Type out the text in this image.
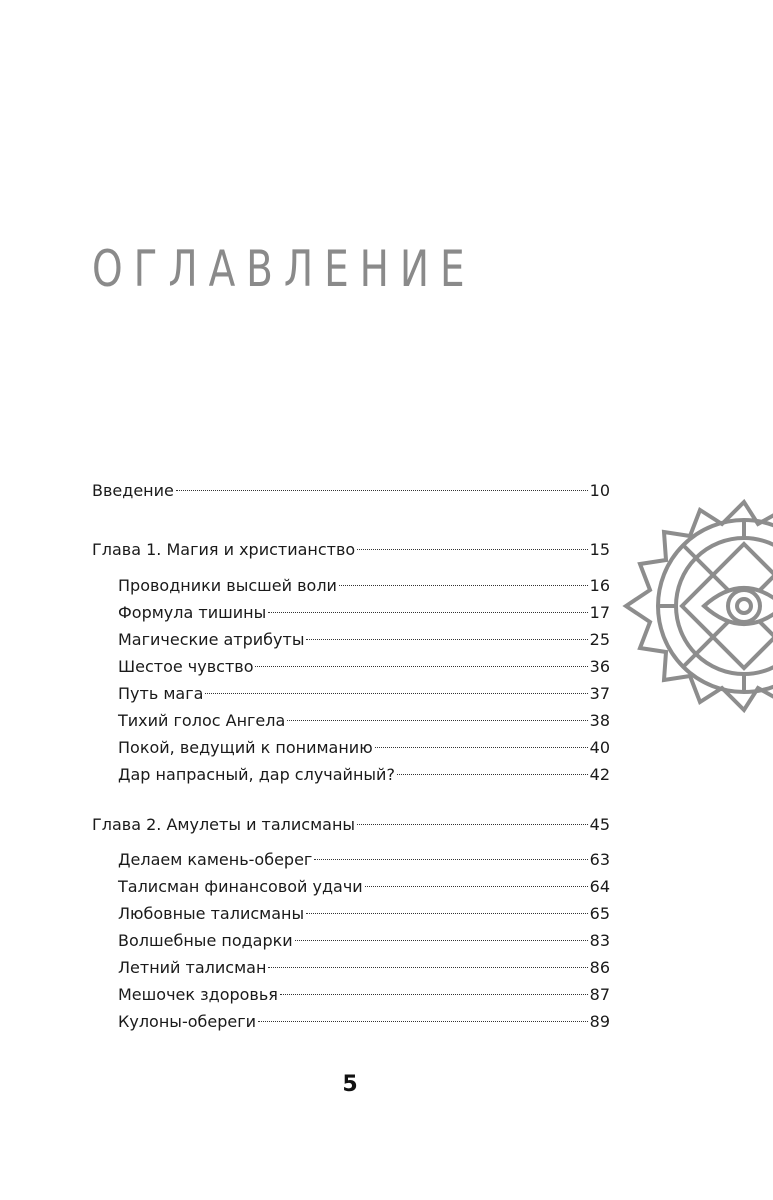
ОГЛАВЛЕНИЕ
Введение	10
Глава 1. Магия и христианство	15
Проводники высшей воли	16
Формула тишины	17
Магические атрибуты	25
Шестое чувство	36
Путь мага	37
Тихий голос Ангела	38
Покой, ведущий к пониманию	40
Дар напрасный, дар случайный?	42
Глава 2. Амулеты и талисманы	45
Делаем камень-оберег	63
Талисман финансовой удачи	64
Любовные талисманы	65
Волшебные подарки	83
Летний талисман	86
Мешочек здоровья	87
Кулоны-обереги	89
5
